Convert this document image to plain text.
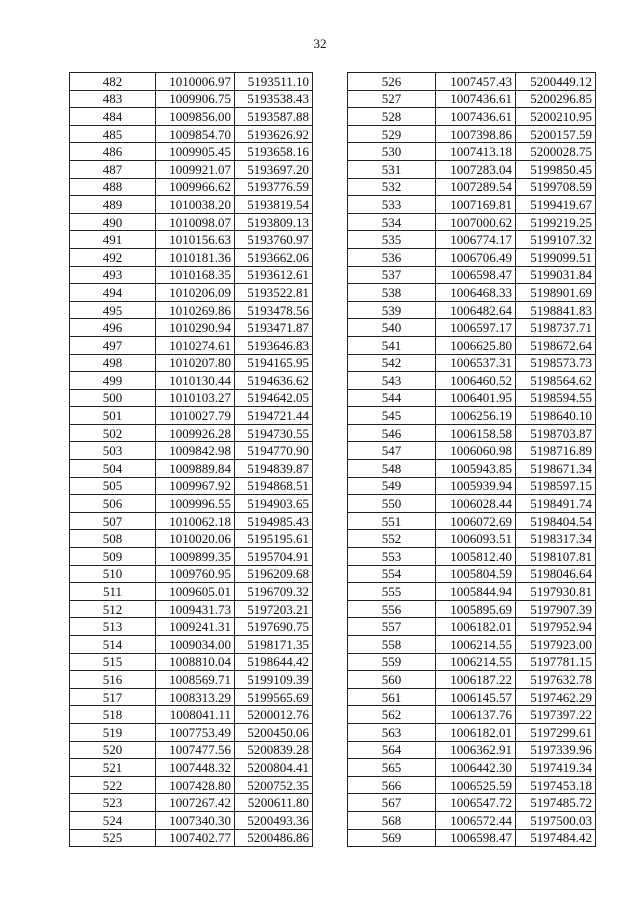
32
482	1010006.97	5193511.10
483	1009906.75	5193538.43
484	1009856.00	5193587.88
485	1009854.70	5193626.92
486	1009905.45	5193658.16
487	1009921.07	5193697.20
488	1009966.62	5193776.59
489	1010038.20	5193819.54
490	1010098.07	5193809.13
491	1010156.63	5193760.97
492	1010181.36	5193662.06
493	1010168.35	5193612.61
494	1010206.09	5193522.81
495	1010269.86	5193478.56
496	1010290.94	5193471.87
497	1010274.61	5193646.83
498	1010207.80	5194165.95
499	1010130.44	5194636.62
500	1010103.27	5194642.05
501	1010027.79	5194721.44
502	1009926.28	5194730.55
503	1009842.98	5194770.90
504	1009889.84	5194839.87
505	1009967.92	5194868.51
506	1009996.55	5194903.65
507	1010062.18	5194985.43
508	1010020.06	5195195.61
509	1009899.35	5195704.91
510	1009760.95	5196209.68
511	1009605.01	5196709.32
512	1009431.73	5197203.21
513	1009241.31	5197690.75
514	1009034.00	5198171.35
515	1008810.04	5198644.42
516	1008569.71	5199109.39
517	1008313.29	5199565.69
518	1008041.11	5200012.76
519	1007753.49	5200450.06
520	1007477.56	5200839.28
521	1007448.32	5200804.41
522	1007428.80	5200752.35
523	1007267.42	5200611.80
524	1007340.30	5200493.36
525	1007402.77	5200486.86
526	1007457.43	5200449.12
527	1007436.61	5200296.85
528	1007436.61	5200210.95
529	1007398.86	5200157.59
530	1007413.18	5200028.75
531	1007283.04	5199850.45
532	1007289.54	5199708.59
533	1007169.81	5199419.67
534	1007000.62	5199219.25
535	1006774.17	5199107.32
536	1006706.49	5199099.51
537	1006598.47	5199031.84
538	1006468.33	5198901.69
539	1006482.64	5198841.83
540	1006597.17	5198737.71
541	1006625.80	5198672.64
542	1006537.31	5198573.73
543	1006460.52	5198564.62
544	1006401.95	5198594.55
545	1006256.19	5198640.10
546	1006158.58	5198703.87
547	1006060.98	5198716.89
548	1005943.85	5198671.34
549	1005939.94	5198597.15
550	1006028.44	5198491.74
551	1006072.69	5198404.54
552	1006093.51	5198317.34
553	1005812.40	5198107.81
554	1005804.59	5198046.64
555	1005844.94	5197930.81
556	1005895.69	5197907.39
557	1006182.01	5197952.94
558	1006214.55	5197923.00
559	1006214.55	5197781.15
560	1006187.22	5197632.78
561	1006145.57	5197462.29
562	1006137.76	5197397.22
563	1006182.01	5197299.61
564	1006362.91	5197339.96
565	1006442.30	5197419.34
566	1006525.59	5197453.18
567	1006547.72	5197485.72
568	1006572.44	5197500.03
569	1006598.47	5197484.42
